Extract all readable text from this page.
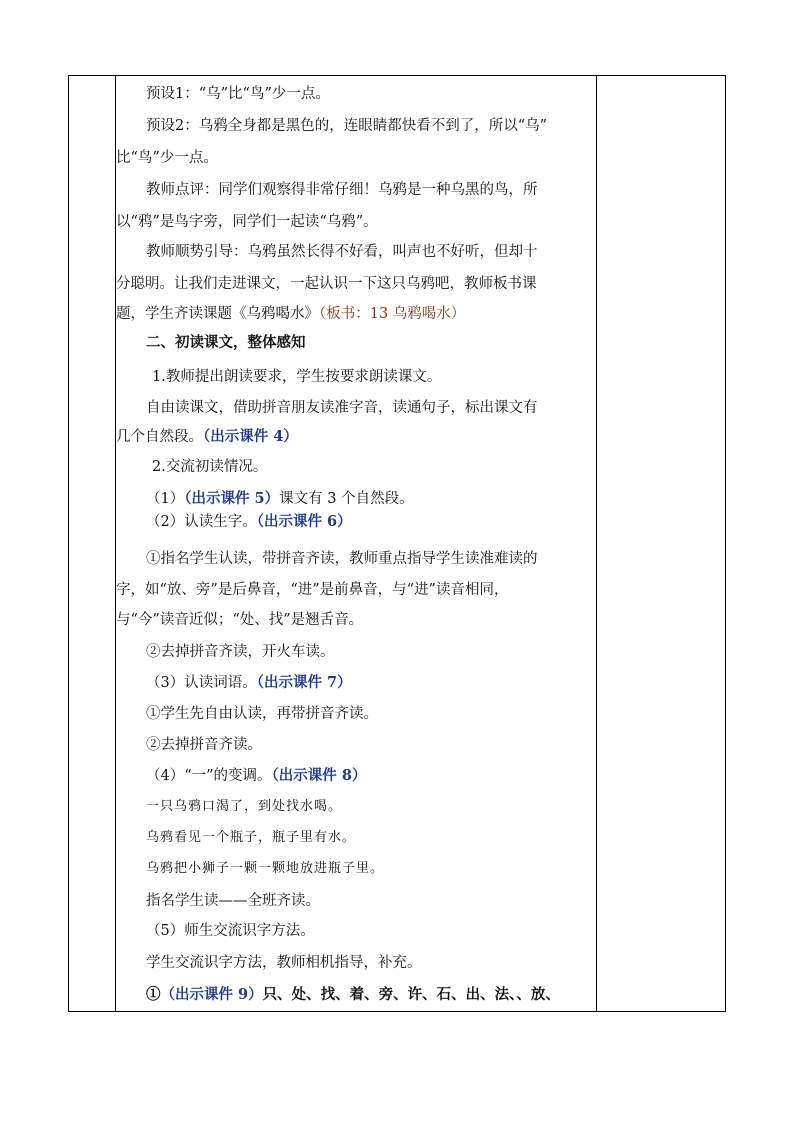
预设1：“乌”比“鸟”少一点。
预设2：乌鸦全身都是黑色的，连眼睛都快看不到了，所以“乌”
比“鸟”少一点。
教师点评：同学们观察得非常仔细！乌鸦是一种乌黑的鸟，所
以“鸦”是鸟字旁，同学们一起读“乌鸦”。
教师顺势引导：乌鸦虽然长得不好看，叫声也不好听，但却十
分聪明。让我们走进课文，一起认识一下这只乌鸦吧，教师板书课
题，学生齐读课题《乌鸦喝水》（板书：13 乌鸦喝水）
二、初读课文，整体感知
1.教师提出朗读要求，学生按要求朗读课文。
自由读课文，借助拼音朋友读准字音，读通句子，标出课文有
几个自然段。（出示课件 4）
2.交流初读情况。
（1）（出示课件 5）课文有 3 个自然段。
（2）认读生字。（出示课件 6）
①指名学生认读，带拼音齐读，教师重点指导学生读准难读的
字，如“放、旁”是后鼻音，“进”是前鼻音，与“进”读音相同，
与“今”读音近似；“处、找”是翘舌音。
②去掉拼音齐读，开火车读。
（3）认读词语。（出示课件 7）
①学生先自由认读，再带拼音齐读。
②去掉拼音齐读。
（4）“一”的变调。（出示课件 8）
一只乌鸦口渴了，到处找水喝。
乌鸦看见一个瓶子，瓶子里有水。
乌鸦把小狮子一颗一颗地放进瓶子里。
指名学生读——全班齐读。
（5）师生交流识字方法。
学生交流识字方法，教师相机指导，补充。
①（出示课件 9）只、处、找、着、旁、许、石、出、法、、放、
